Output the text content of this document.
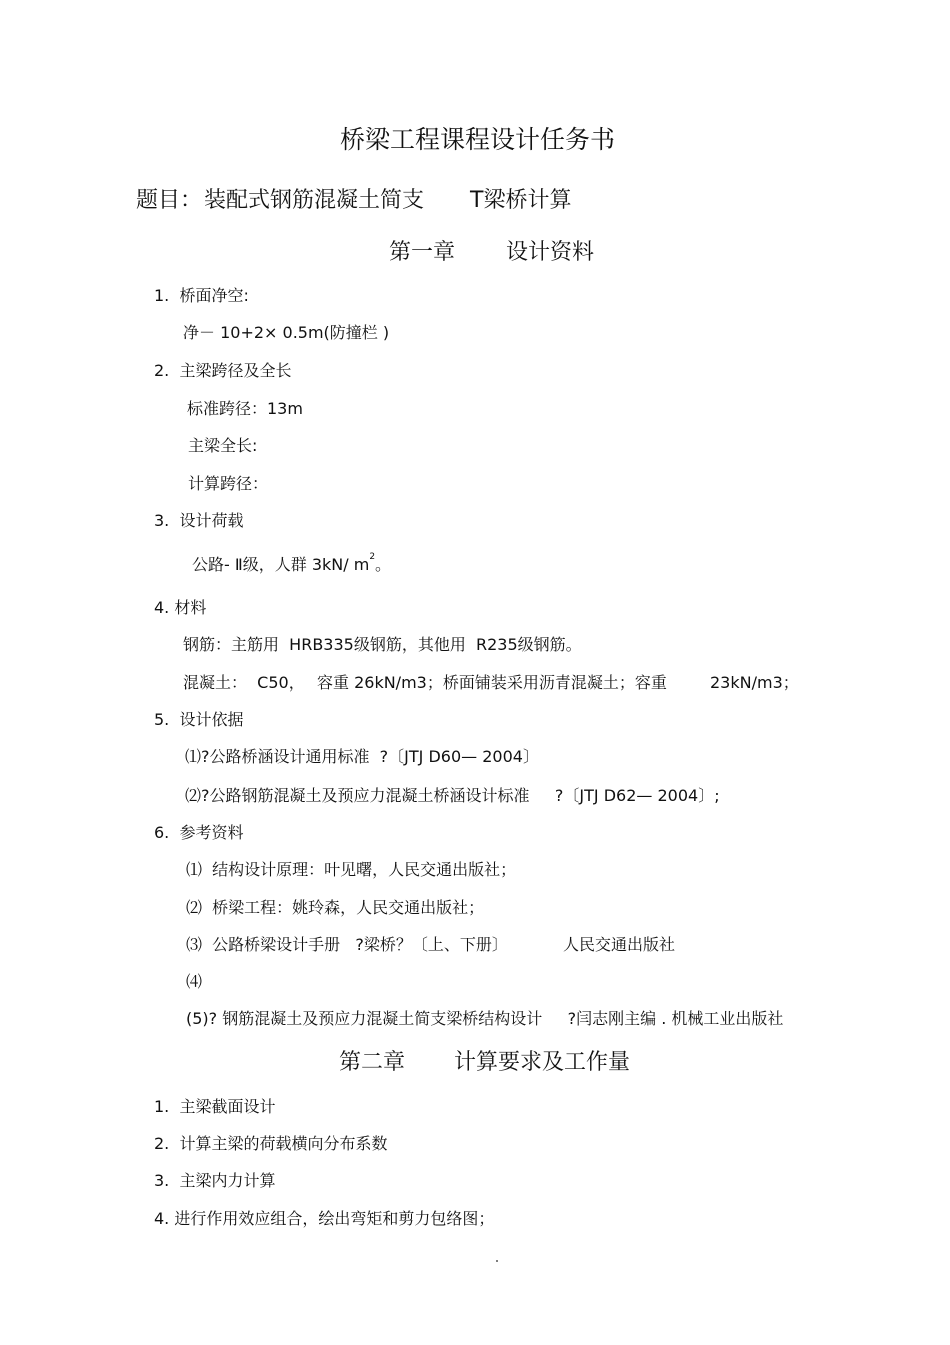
桥梁工程课程设计任务书
题目： 装配式钢筋混凝土简支 T梁桥计算
第一章 设计资料
1.  桥面净空:
净－ 10+2× 0.5m(防撞栏 )
2.  主梁跨径及全长
标准跨径：13m
主梁全长:
计算跨径：
3.  设计荷载
公路- Ⅱ级，人群 3kN/ $m^2$。
4. 材料
钢筋：主筋用  HRB335级钢筋，其他用  R235级钢筋。
混凝土：  C50， 容重 26kN/m3；桥面铺装采用沥青混凝土；容重	23kN/m3；
5.  设计依据
⑴?公路桥涵设计通用标准  ?〔JTJ D60— 2004〕
⑵?公路钢筋混凝土及预应力混凝土桥涵设计标准     ?〔JTJ D62— 2004〕;
6.  参考资料
⑴  结构设计原理：叶见曙，人民交通出版社；
⑵  桥梁工程：姚玲森，人民交通出版社；
⑶  公路桥梁设计手册   ?梁桥？〔上、下册〕	人民交通出版社
⑷
(5)? 钢筋混凝土及预应力混凝土简支梁桥结构设计     ?闫志刚主编 . 机械工业出版社
第二章 计算要求及工作量
1.  主梁截面设计
2.  计算主梁的荷载横向分布系数
3.  主梁内力计算
4. 进行作用效应组合，绘出弯矩和剪力包络图；
